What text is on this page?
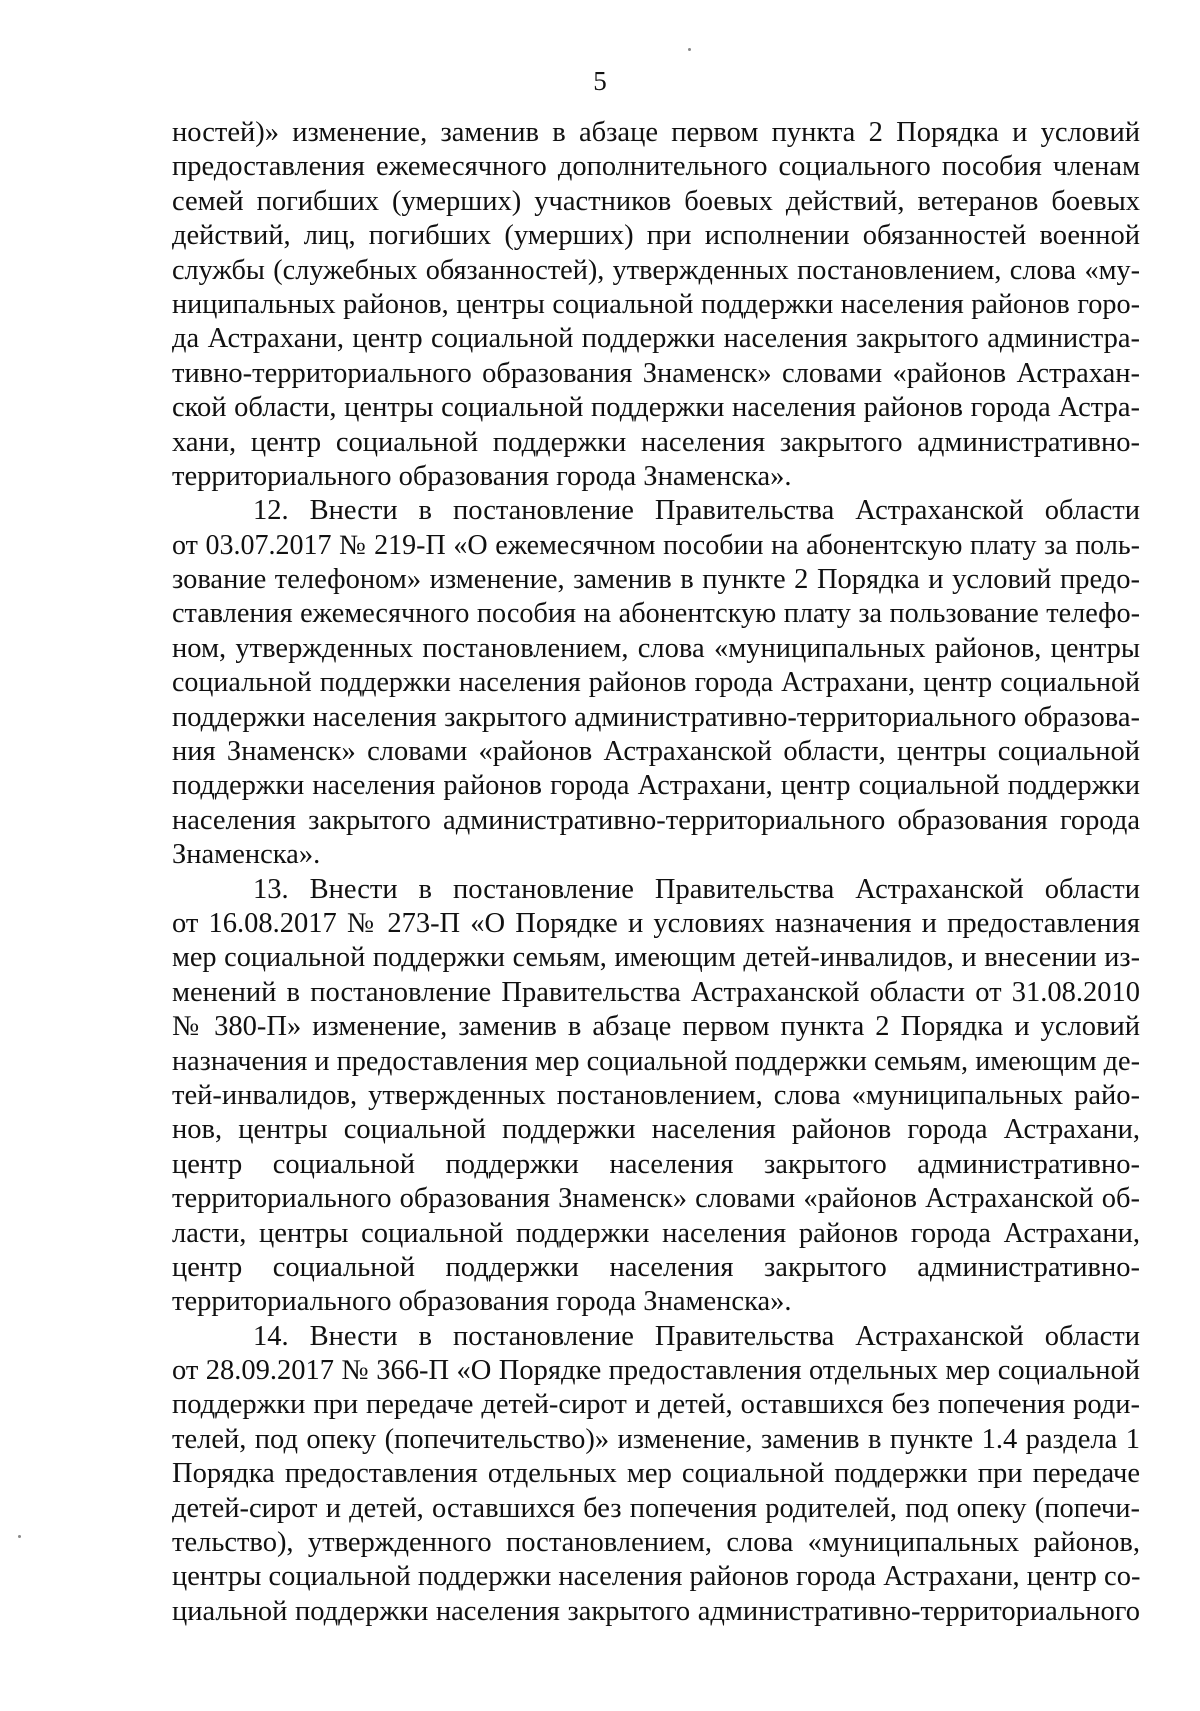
5
ностей)» изменение, заменив в абзаце первом пункта 2 Порядка и условий
предоставления ежемесячного дополнительного социального пособия членам
семей погибших (умерших) участников боевых действий, ветеранов боевых
действий, лиц, погибших (умерших) при исполнении обязанностей военной
службы (служебных обязанностей), утвержденных постановлением, слова «му-
ниципальных районов, центры социальной поддержки населения районов горо-
да Астрахани, центр социальной поддержки населения закрытого администра-
тивно-территориального образования Знаменск» словами «районов Астрахан-
ской области, центры социальной поддержки населения районов города Астра-
хани, центр социальной поддержки населения закрытого административно-
территориального образования города Знаменска».
12. Внести в постановление Правительства Астраханской области
от 03.07.2017 № 219-П «О ежемесячном пособии на абонентскую плату за поль-
зование телефоном» изменение, заменив в пункте 2 Порядка и условий предо-
ставления ежемесячного пособия на абонентскую плату за пользование телефо-
ном, утвержденных постановлением, слова «муниципальных районов, центры
социальной поддержки населения районов города Астрахани, центр социальной
поддержки населения закрытого административно-территориального образова-
ния Знаменск» словами «районов Астраханской области, центры социальной
поддержки населения районов города Астрахани, центр социальной поддержки
населения закрытого административно-территориального образования города
Знаменска».
13. Внести в постановление Правительства Астраханской области
от 16.08.2017 № 273-П «О Порядке и условиях назначения и предоставления
мер социальной поддержки семьям, имеющим детей-инвалидов, и внесении из-
менений в постановление Правительства Астраханской области от 31.08.2010
№ 380-П» изменение, заменив в абзаце первом пункта 2 Порядка и условий
назначения и предоставления мер социальной поддержки семьям, имеющим де-
тей-инвалидов, утвержденных постановлением, слова «муниципальных райо-
нов, центры социальной поддержки населения районов города Астрахани,
центр социальной поддержки населения закрытого административно-
территориального образования Знаменск» словами «районов Астраханской об-
ласти, центры социальной поддержки населения районов города Астрахани,
центр социальной поддержки населения закрытого административно-
территориального образования города Знаменска».
14. Внести в постановление Правительства Астраханской области
от 28.09.2017 № 366-П «О Порядке предоставления отдельных мер социальной
поддержки при передаче детей-сирот и детей, оставшихся без попечения роди-
телей, под опеку (попечительство)» изменение, заменив в пункте 1.4 раздела 1
Порядка предоставления отдельных мер социальной поддержки при передаче
детей-сирот и детей, оставшихся без попечения родителей, под опеку (попечи-
тельство), утвержденного постановлением, слова «муниципальных районов,
центры социальной поддержки населения районов города Астрахани, центр со-
циальной поддержки населения закрытого административно-территориального
